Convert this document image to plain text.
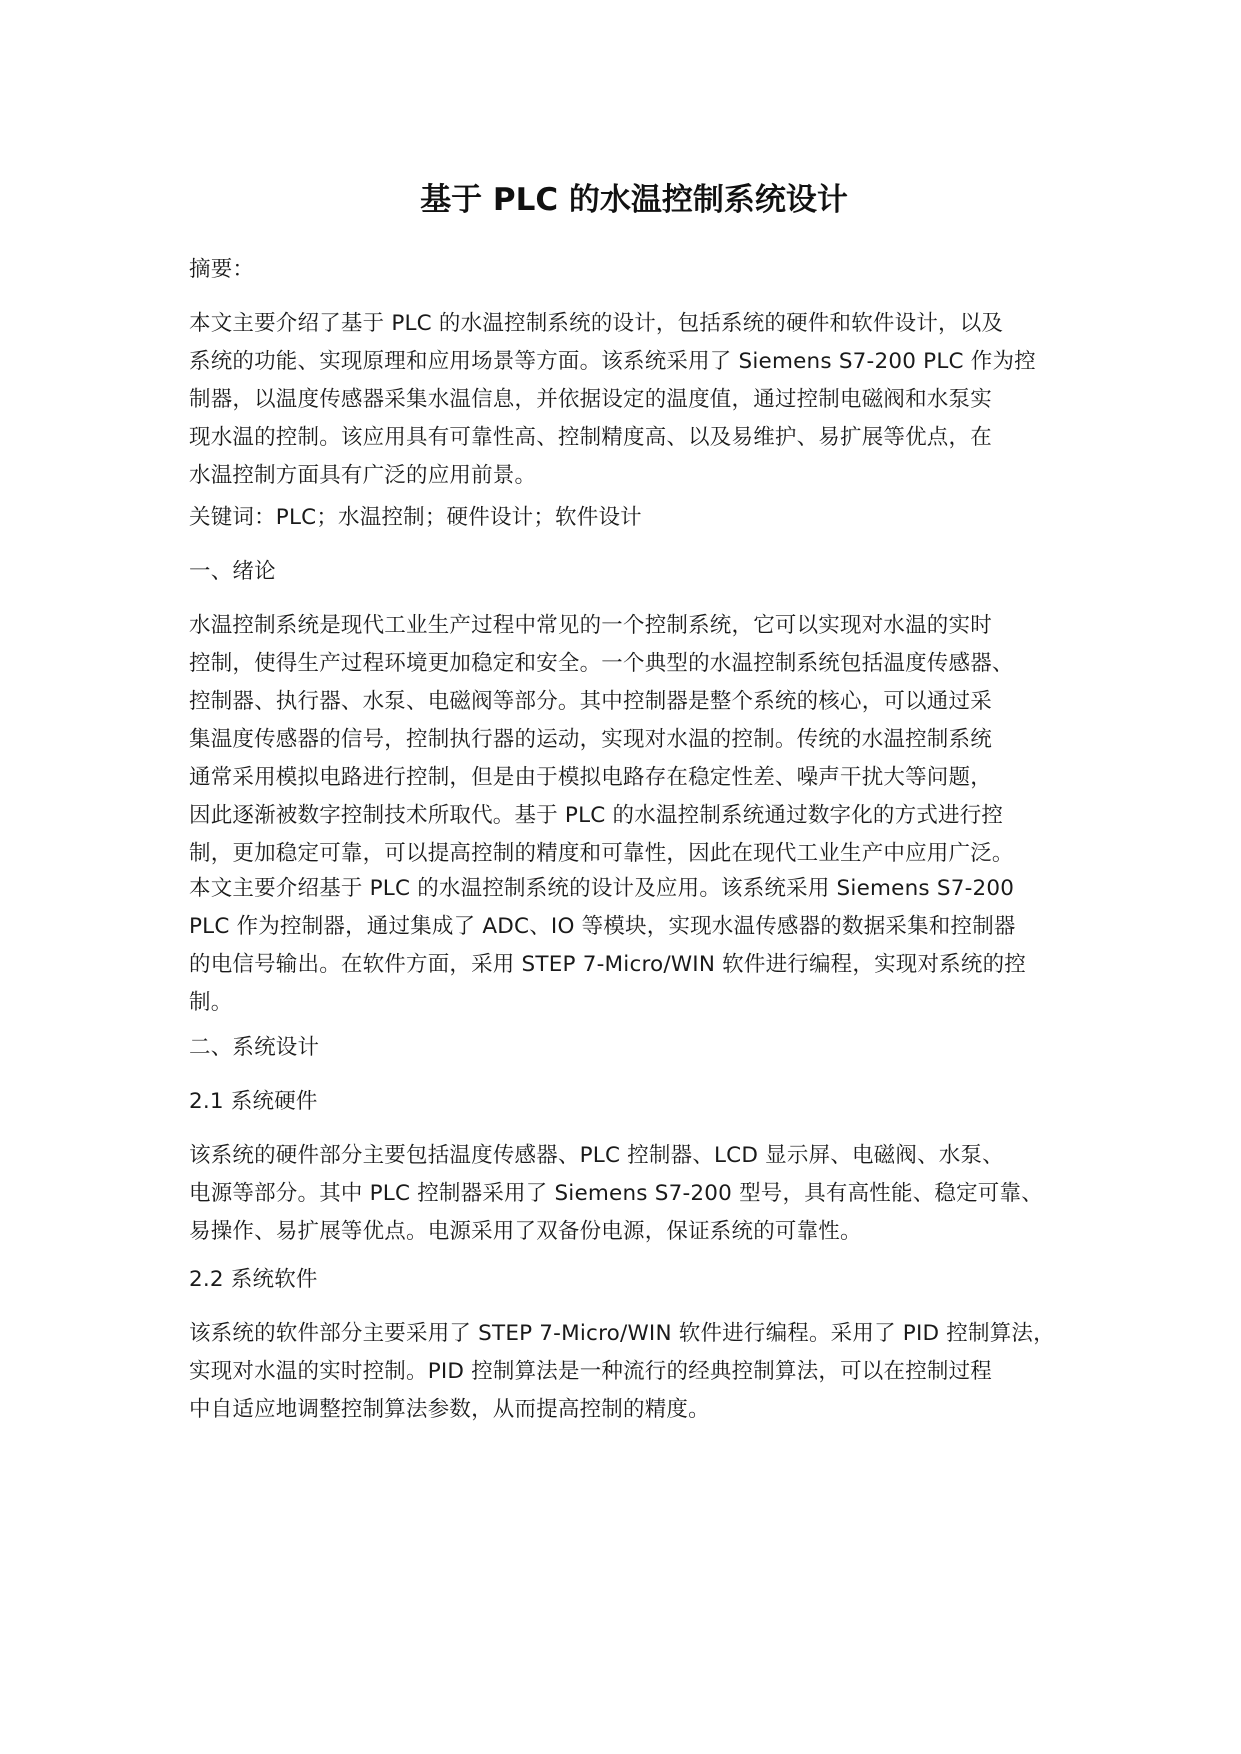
基于 PLC 的水温控制系统设计

摘要：

本文主要介绍了基于 PLC 的水温控制系统的设计，包括系统的硬件和软件设计，以及
系统的功能、实现原理和应用场景等方面。该系统采用了 Siemens S7-200 PLC 作为控
制器，以温度传感器采集水温信息，并依据设定的温度值，通过控制电磁阀和水泵实
现水温的控制。该应用具有可靠性高、控制精度高、以及易维护、易扩展等优点，在
水温控制方面具有广泛的应用前景。

关键词：PLC；水温控制；硬件设计；软件设计

一、绪论

水温控制系统是现代工业生产过程中常见的一个控制系统，它可以实现对水温的实时
控制，使得生产过程环境更加稳定和安全。一个典型的水温控制系统包括温度传感器、
控制器、执行器、水泵、电磁阀等部分。其中控制器是整个系统的核心，可以通过采
集温度传感器的信号，控制执行器的运动，实现对水温的控制。传统的水温控制系统
通常采用模拟电路进行控制，但是由于模拟电路存在稳定性差、噪声干扰大等问题，
因此逐渐被数字控制技术所取代。基于 PLC 的水温控制系统通过数字化的方式进行控
制，更加稳定可靠，可以提高控制的精度和可靠性，因此在现代工业生产中应用广泛。

本文主要介绍基于 PLC 的水温控制系统的设计及应用。该系统采用 Siemens S7-200
PLC 作为控制器，通过集成了 ADC、IO 等模块，实现水温传感器的数据采集和控制器
的电信号输出。在软件方面，采用 STEP 7-Micro/WIN 软件进行编程，实现对系统的控
制。

二、系统设计

2.1 系统硬件

该系统的硬件部分主要包括温度传感器、PLC 控制器、LCD 显示屏、电磁阀、水泵、
电源等部分。其中 PLC 控制器采用了 Siemens S7-200 型号，具有高性能、稳定可靠、
易操作、易扩展等优点。电源采用了双备份电源，保证系统的可靠性。

2.2 系统软件

该系统的软件部分主要采用了 STEP 7-Micro/WIN 软件进行编程。采用了 PID 控制算法，
实现对水温的实时控制。PID 控制算法是一种流行的经典控制算法，可以在控制过程
中自适应地调整控制算法参数，从而提高控制的精度。
